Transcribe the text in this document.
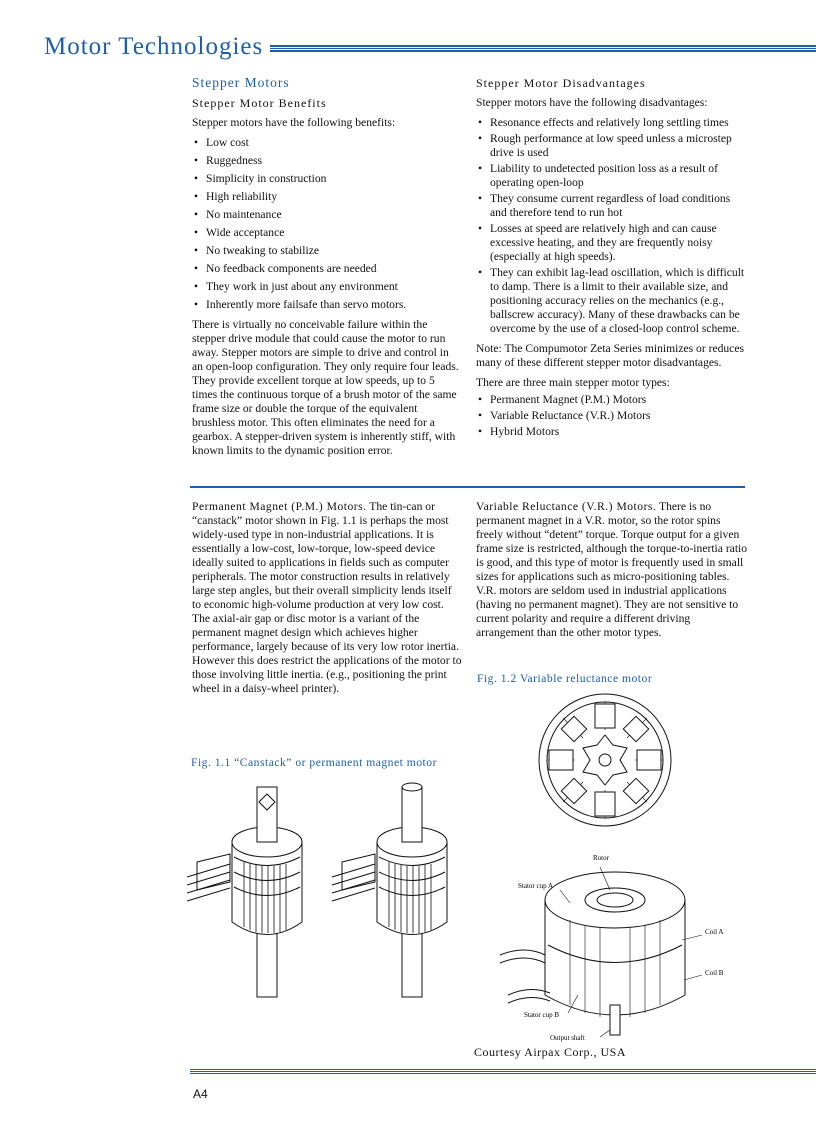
Motor Technologies
Stepper Motors
Stepper Motor Benefits

Stepper motors have the following benefits:

• Low cost
• Ruggedness
• Simplicity in construction
• High reliability
• No maintenance
• Wide acceptance
• No tweaking to stabilize
• No feedback components are needed
• They work in just about any environment
• Inherently more failsafe than servo motors.

There is virtually no conceivable failure within the stepper drive module that could cause the motor to run away. Stepper motors are simple to drive and control in an open-loop configuration. They only require four leads. They provide excellent torque at low speeds, up to 5 times the continuous torque of a brush motor of the same frame size or double the torque of the equivalent brushless motor. This often eliminates the need for a gearbox. A stepper-driven system is inherently stiff, with known limits to the dynamic position error.

Stepper Motor Disadvantages

Stepper motors have the following disadvantages:

• Resonance effects and relatively long settling times
• Rough performance at low speed unless a microstep drive is used
• Liability to undetected position loss as a result of operating open-loop
• They consume current regardless of load conditions and therefore tend to run hot
• Losses at speed are relatively high and can cause excessive heating, and they are frequently noisy (especially at high speeds).
• They can exhibit lag-lead oscillation, which is difficult to damp. There is a limit to their available size, and positioning accuracy relies on the mechanics (e.g., ballscrew accuracy). Many of these drawbacks can be overcome by the use of a closed-loop control scheme.

Note: The Compumotor Zeta Series minimizes or reduces many of these different stepper motor disadvantages.

There are three main stepper motor types:

• Permanent Magnet (P.M.) Motors
• Variable Reluctance (V.R.) Motors
• Hybrid Motors

Permanent Magnet (P.M.) Motors. The tin-can or “canstack” motor shown in Fig. 1.1 is perhaps the most widely-used type in non-industrial applications. It is essentially a low-cost, low-torque, low-speed device ideally suited to applications in fields such as computer peripherals. The motor construction results in relatively large step angles, but their overall simplicity lends itself to economic high-volume production at very low cost. The axial-air gap or disc motor is a variant of the permanent magnet design which achieves higher performance, largely because of its very low rotor inertia. However this does restrict the applications of the motor to those involving little inertia. (e.g., positioning the print wheel in a daisy-wheel printer).

Fig. 1.1 “Canstack” or permanent magnet motor

Variable Reluctance (V.R.) Motors. There is no permanent magnet in a V.R. motor, so the rotor spins freely without “detent” torque. Torque output for a given frame size is restricted, although the torque-to-inertia ratio is good, and this type of motor is frequently used in small sizes for applications such as micro-positioning tables. V.R. motors are seldom used in industrial applications (having no permanent magnet). They are not sensitive to current polarity and require a different driving arrangement than the other motor types.

Fig. 1.2 Variable reluctance motor
Rotor
Stator cup A
Coil A
Coil B
Stator cup B
Output shaft
Courtesy Airpax Corp., USA
A4
